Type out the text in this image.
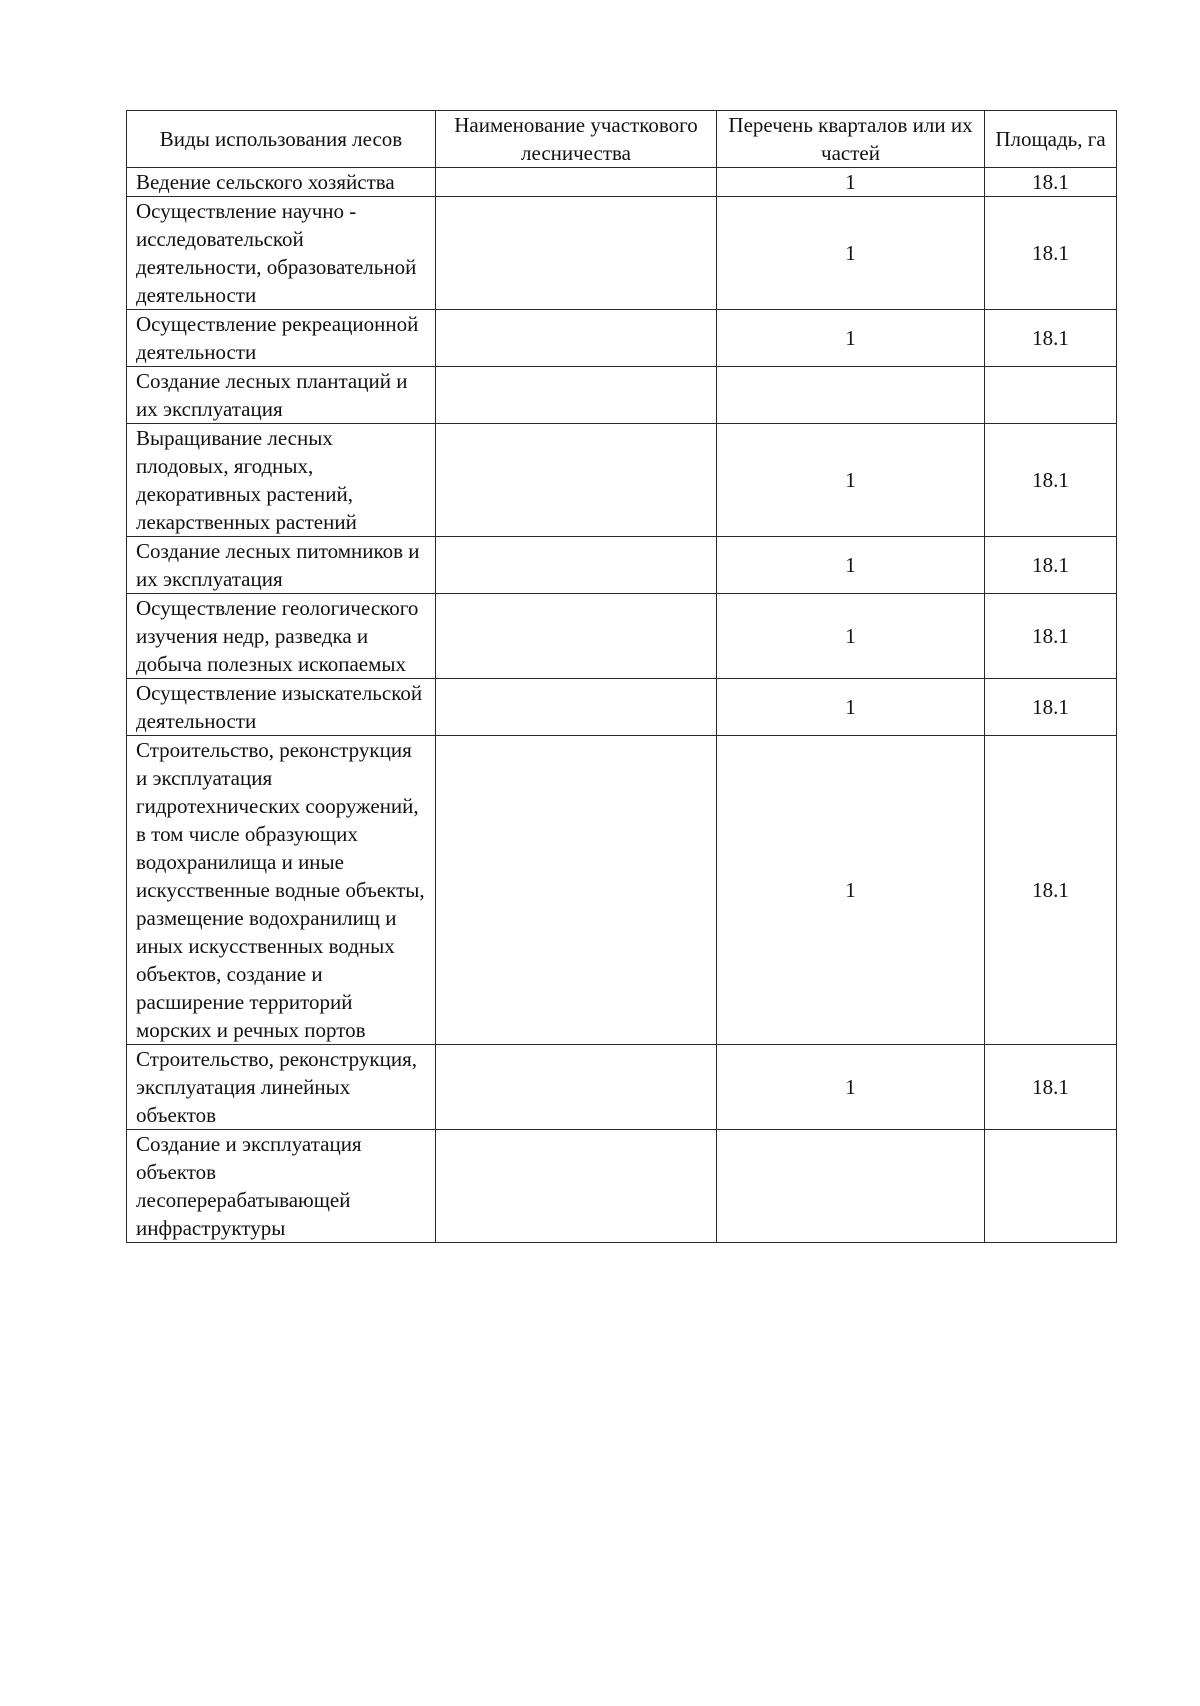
Виды использования лесов	Наименование участкового лесничества	Перечень кварталов или их частей	Площадь, га
Ведение сельского хозяйства		1	18.1
Осуществление научно - исследовательской деятельности, образовательной деятельности		1	18.1
Осуществление рекреационной деятельности		1	18.1
Создание лесных плантаций и их эксплуатация			
Выращивание лесных плодовых, ягодных, декоративных растений, лекарственных растений		1	18.1
Создание лесных питомников и их эксплуатация		1	18.1
Осуществление геологического изучения недр, разведка и добыча полезных ископаемых		1	18.1
Осуществление изыскательской деятельности		1	18.1
Строительство, реконструкция и эксплуатация гидротехнических сооружений, в том числе образующих водохранилища и иные искусственные водные объекты, размещение водохранилищ и иных искусственных водных объектов, создание и расширение территорий морских и речных портов		1	18.1
Строительство, реконструкция, эксплуатация линейных объектов		1	18.1
Создание и эксплуатация объектов лесоперерабатывающей инфраструктуры			
